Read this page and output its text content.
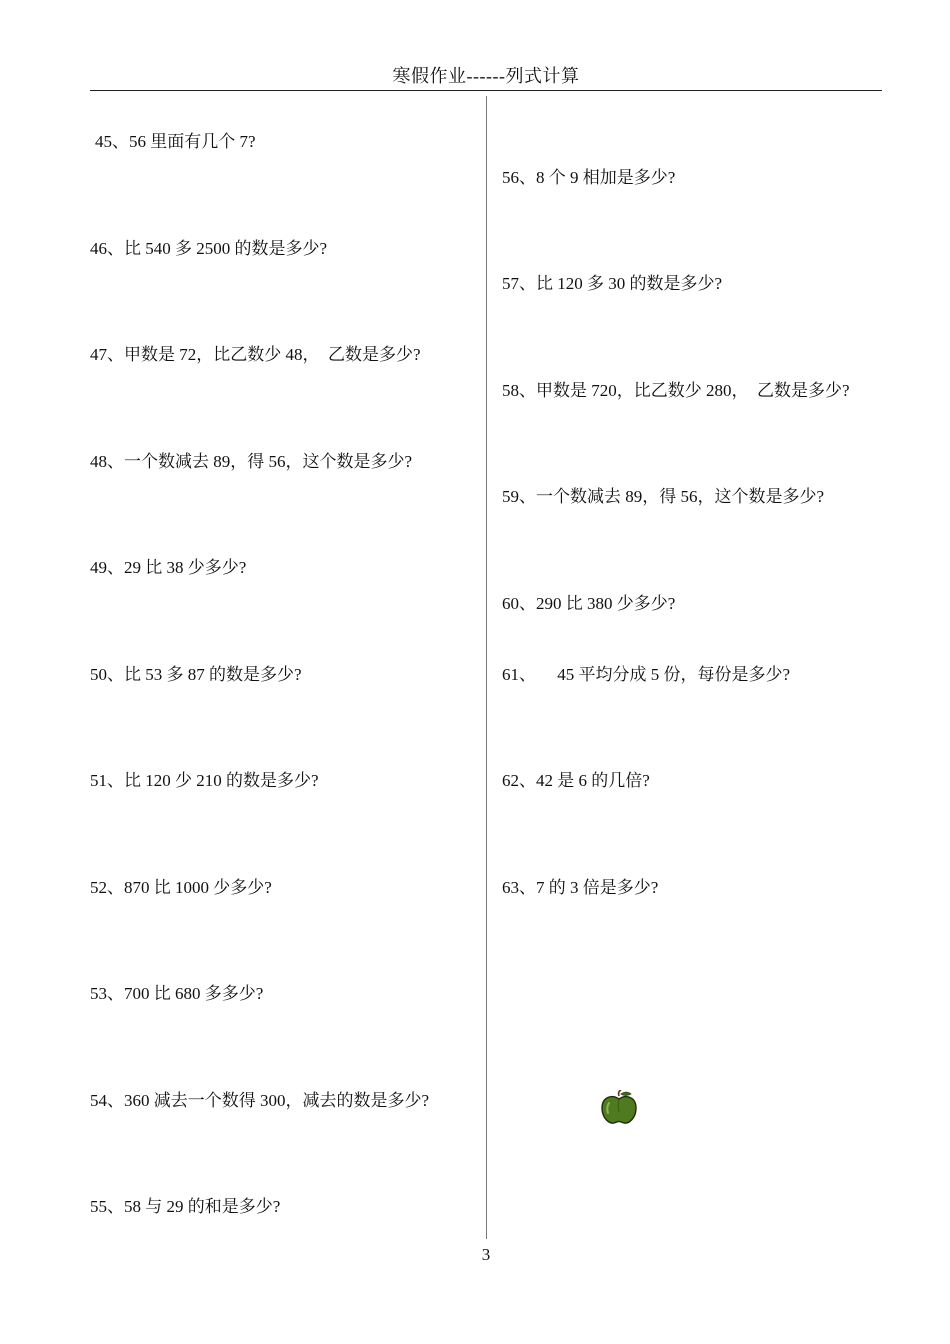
寒假作业------列式计算
45、56 里面有几个 7?
46、比 540 多 2500 的数是多少?
47、甲数是 72，比乙数少 48，  乙数是多少?
48、一个数减去 89，得 56，这个数是多少?
49、29 比 38 少多少?
50、比 53 多 87 的数是多少?
51、比 120 少 210 的数是多少?
52、870 比 1000 少多少?
53、700 比 680 多多少?
54、360 减去一个数得 300，减去的数是多少?
55、58 与 29 的和是多少?
56、8 个 9 相加是多少?
57、比 120 多 30 的数是多少?
58、甲数是 720，比乙数少 280，  乙数是多少?
59、一个数减去 89，得 56，这个数是多少?
60、290 比 380 少多少?
61、     45 平均分成 5 份，每份是多少?
62、42 是 6 的几倍?
63、7 的 3 倍是多少?
3
